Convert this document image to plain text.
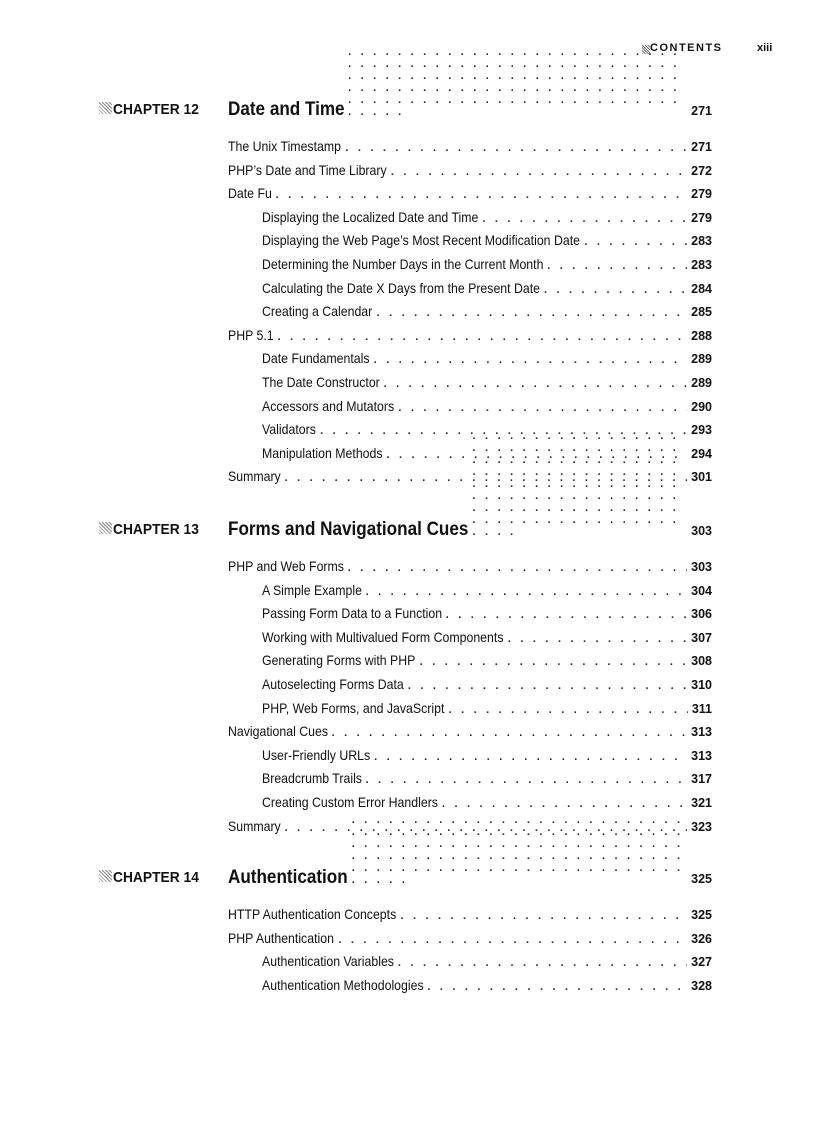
CONTENTS	xiii
CHAPTER 12 Date and Time . . .	271
The Unix Timestamp . . .	271
PHP’s Date and Time Library . . .	272
Date Fu . . .	279
Displaying the Localized Date and Time . . .	279
Displaying the Web Page’s Most Recent Modification Date . . .	283
Determining the Number Days in the Current Month . . .	283
Calculating the Date X Days from the Present Date . . .	284
Creating a Calendar . . .	285
PHP 5.1 . . .	288
Date Fundamentals . . .	289
The Date Constructor . . .	289
Accessors and Mutators . . .	290
Validators . . .	293
Manipulation Methods . . .	294
Summary . . .	301
CHAPTER 13 Forms and Navigational Cues . . .	303
PHP and Web Forms . . .	303
A Simple Example . . .	304
Passing Form Data to a Function . . .	306
Working with Multivalued Form Components . . .	307
Generating Forms with PHP . . .	308
Autoselecting Forms Data . . .	310
PHP, Web Forms, and JavaScript . . .	311
Navigational Cues . . .	313
User-Friendly URLs . . .	313
Breadcrumb Trails . . .	317
Creating Custom Error Handlers . . .	321
Summary . . .	323
CHAPTER 14 Authentication . . .	325
HTTP Authentication Concepts . . .	325
PHP Authentication . . .	326
Authentication Variables . . .	327
Authentication Methodologies . . .	328
